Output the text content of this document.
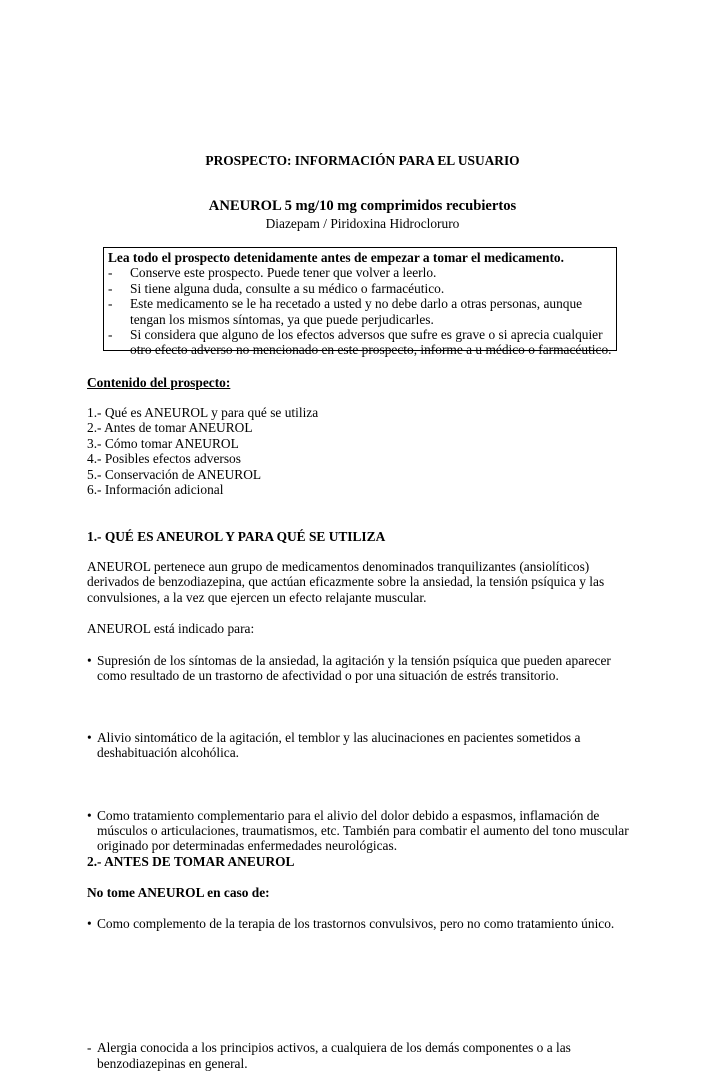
PROSPECTO: INFORMACIÓN PARA EL USUARIO
ANEUROL 5 mg/10 mg comprimidos recubiertos
Diazepam / Piridoxina Hidrocloruro
Lea todo el prospecto detenidamente antes de empezar a tomar el medicamento.
- Conserve este prospecto. Puede tener que volver a leerlo.
- Si tiene alguna duda, consulte a su médico o farmacéutico.
- Este medicamento se le ha recetado a usted y no debe darlo a otras personas, aunque
tengan los mismos síntomas, ya que puede perjudicarles.
- Si considera que alguno de los efectos adversos que sufre es grave o si aprecia cualquier
otro efecto adverso no mencionado en este prospecto, informe a u médico o farmacéutico.
Contenido del prospecto:
1.- Qué es ANEUROL y para qué se utiliza
2.- Antes de tomar ANEUROL
3.- Cómo tomar ANEUROL
4.- Posibles efectos adversos
5.- Conservación de ANEUROL
6.- Información adicional
1.- QUÉ ES ANEUROL Y PARA QUÉ SE UTILIZA
ANEUROL pertenece aun grupo de medicamentos denominados tranquilizantes (ansiolíticos)
derivados de benzodiazepina, que actúan eficazmente sobre la ansiedad, la tensión psíquica y las
convulsiones, a la vez que ejercen un efecto relajante muscular.
ANEUROL está indicado para:
• Supresión de los síntomas de la ansiedad, la agitación y la tensión psíquica que pueden aparecer
como resultado de un trastorno de afectividad o por una situación de estrés transitorio.
• Alivio sintomático de la agitación, el temblor y las alucinaciones en pacientes sometidos a
deshabituación alcohólica.
• Como tratamiento complementario para el alivio del dolor debido a espasmos, inflamación de
músculos o articulaciones, traumatismos, etc. También para combatir el aumento del tono muscular
originado por determinadas enfermedades neurológicas.
• Como complemento de la terapia de los trastornos convulsivos, pero no como tratamiento único.
2.- ANTES DE TOMAR ANEUROL
No tome ANEUROL en caso de:
- Alergia conocida a los principios activos, a cualquiera de los demás componentes o a las
benzodiazepinas en general.
